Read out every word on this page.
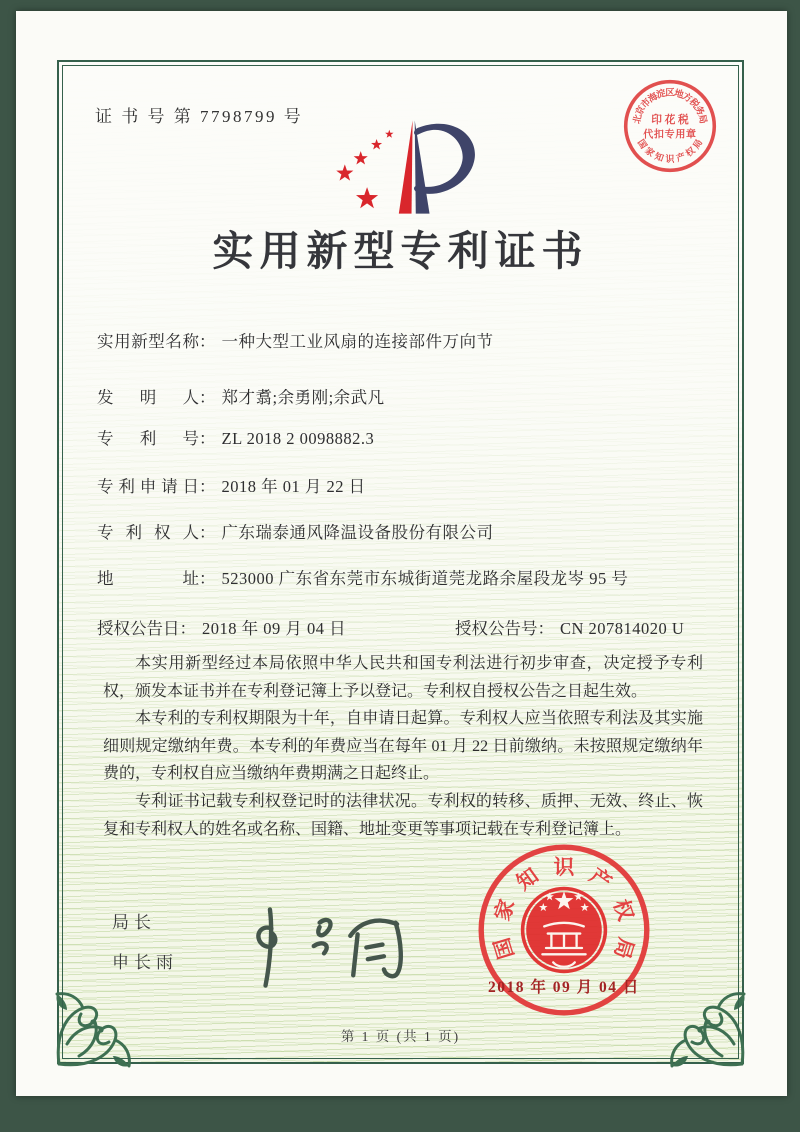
证 书 号 第 7798799 号	北
京
市
海
淀
区
地
方
税
务
局
国
家
知 识 产
权
局
印 花 税
代扣专用章
实用新型专利证书
实用新型名称： 一种大型工业风扇的连接部件万向节
发明人： 郑才翥;余勇刚;余武凡
专利号： ZL 2018 2 0098882.3
专利申请日： 2018 年 01 月 22 日
专利权人： 广东瑞泰通风降温设备股份有限公司
地址： 523000 广东省东莞市东城街道莞龙路余屋段龙岑 95 号
授权公告日： 2018 年 09 月 04 日	授权公告号： CN 207814020 U

本实用新型经过本局依照中华人民共和国专利法进行初步审查，决定授予专利权，颁发本证书并在专利登记簿上予以登记。专利权自授权公告之日起生效。

本专利的专利权期限为十年，自申请日起算。专利权人应当依照专利法及其实施细则规定缴纳年费。本专利的年费应当在每年 01 月 22 日前缴纳。未按照规定缴纳年费的，专利权自应当缴纳年费期满之日起终止。

专利证书记载专利权登记时的法律状况。专利权的转移、质押、无效、终止、恢复和专利权人的姓名或名称、国籍、地址变更等事项记载在专利登记簿上。

局长
申长雨
国
家
知 识 产
权
局
2018 年 09 月 04 日
第 1 页 (共 1 页)
